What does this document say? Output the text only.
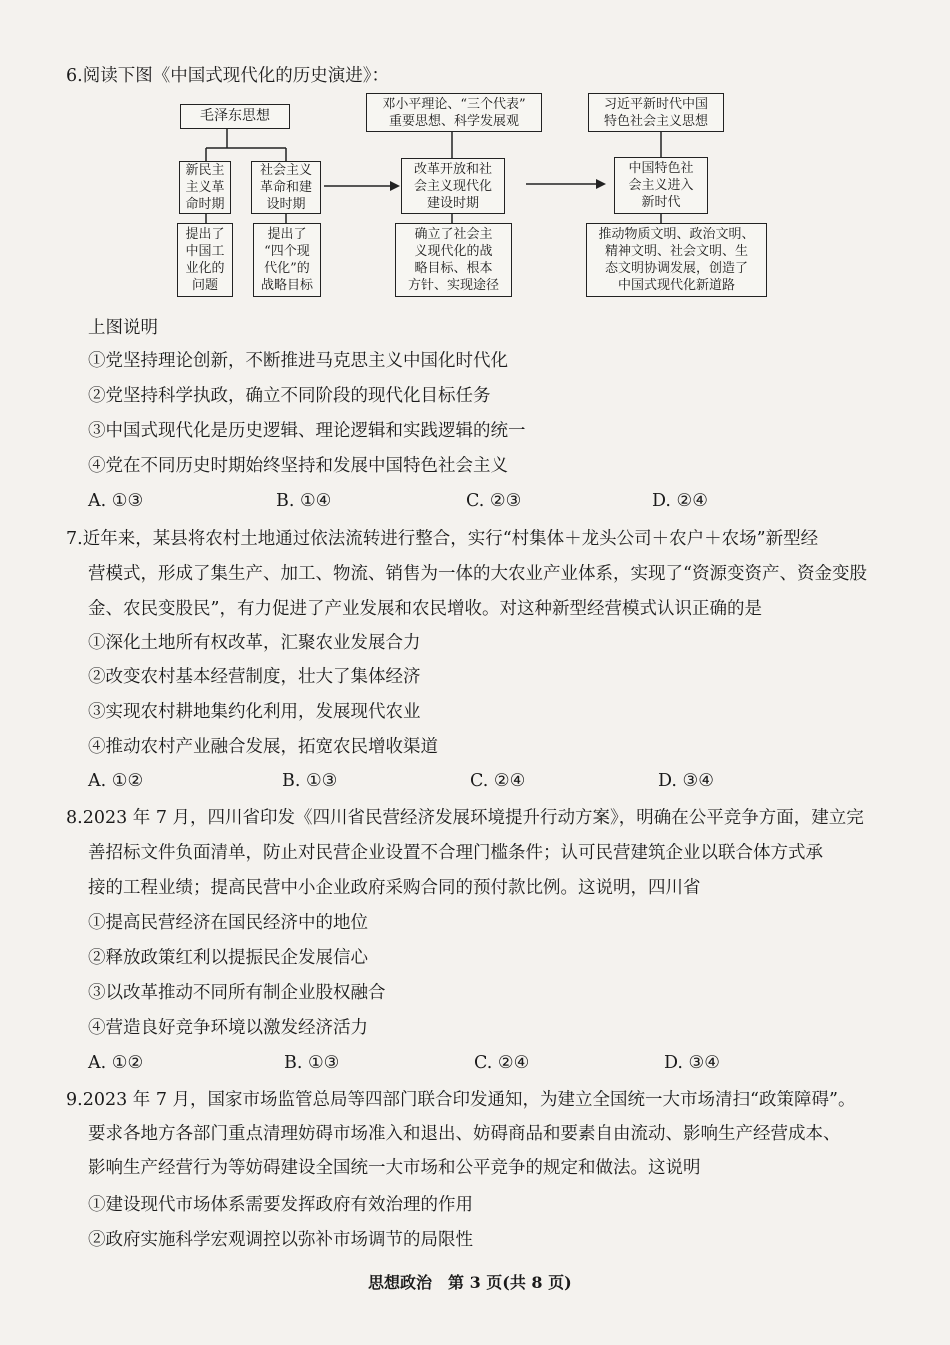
6.阅读下图《中国式现代化的历史演进》：
毛泽东思想
邓小平理论、“三个代表”
重要思想、科学发展观
习近平新时代中国
特色社会主义思想
新民主
主义革
命时期
社会主义
革命和建
设时期
改革开放和社
会主义现代化
建设时期
中国特色社
会主义进入
新时代
提出了
中国工
业化的
问题
提出了
“四个现
代化”的
战略目标
确立了社会主
义现代化的战
略目标、根本
方针、实现途径
推动物质文明、政治文明、
精神文明、社会文明、生
态文明协调发展，创造了
中国式现代化新道路
上图说明
①党坚持理论创新，不断推进马克思主义中国化时代化
②党坚持科学执政，确立不同阶段的现代化目标任务
③中国式现代化是历史逻辑、理论逻辑和实践逻辑的统一
④党在不同历史时期始终坚持和发展中国特色社会主义
A. ①③	B. ①④	C. ②③	D. ②④
7.近年来，某县将农村土地通过依法流转进行整合，实行“村集体＋龙头公司＋农户＋农场”新型经
营模式，形成了集生产、加工、物流、销售为一体的大农业产业体系，实现了“资源变资产、资金变股
金、农民变股民”，有力促进了产业发展和农民增收。对这种新型经营模式认识正确的是
①深化土地所有权改革，汇聚农业发展合力
②改变农村基本经营制度，壮大了集体经济
③实现农村耕地集约化利用，发展现代农业
④推动农村产业融合发展，拓宽农民增收渠道
A. ①②	B. ①③	C. ②④	D. ③④
8.2023 年 7 月，四川省印发《四川省民营经济发展环境提升行动方案》，明确在公平竞争方面，建立完
善招标文件负面清单，防止对民营企业设置不合理门槛条件；认可民营建筑企业以联合体方式承
接的工程业绩；提高民营中小企业政府采购合同的预付款比例。这说明，四川省
①提高民营经济在国民经济中的地位
②释放政策红利以提振民企发展信心
③以改革推动不同所有制企业股权融合
④营造良好竞争环境以激发经济活力
A. ①②	B. ①③	C. ②④	D. ③④
9.2023 年 7 月，国家市场监管总局等四部门联合印发通知，为建立全国统一大市场清扫“政策障碍”。
要求各地方各部门重点清理妨碍市场准入和退出、妨碍商品和要素自由流动、影响生产经营成本、
影响生产经营行为等妨碍建设全国统一大市场和公平竞争的规定和做法。这说明
①建设现代市场体系需要发挥政府有效治理的作用
②政府实施科学宏观调控以弥补市场调节的局限性
思想政治　第 3 页(共 8 页)
